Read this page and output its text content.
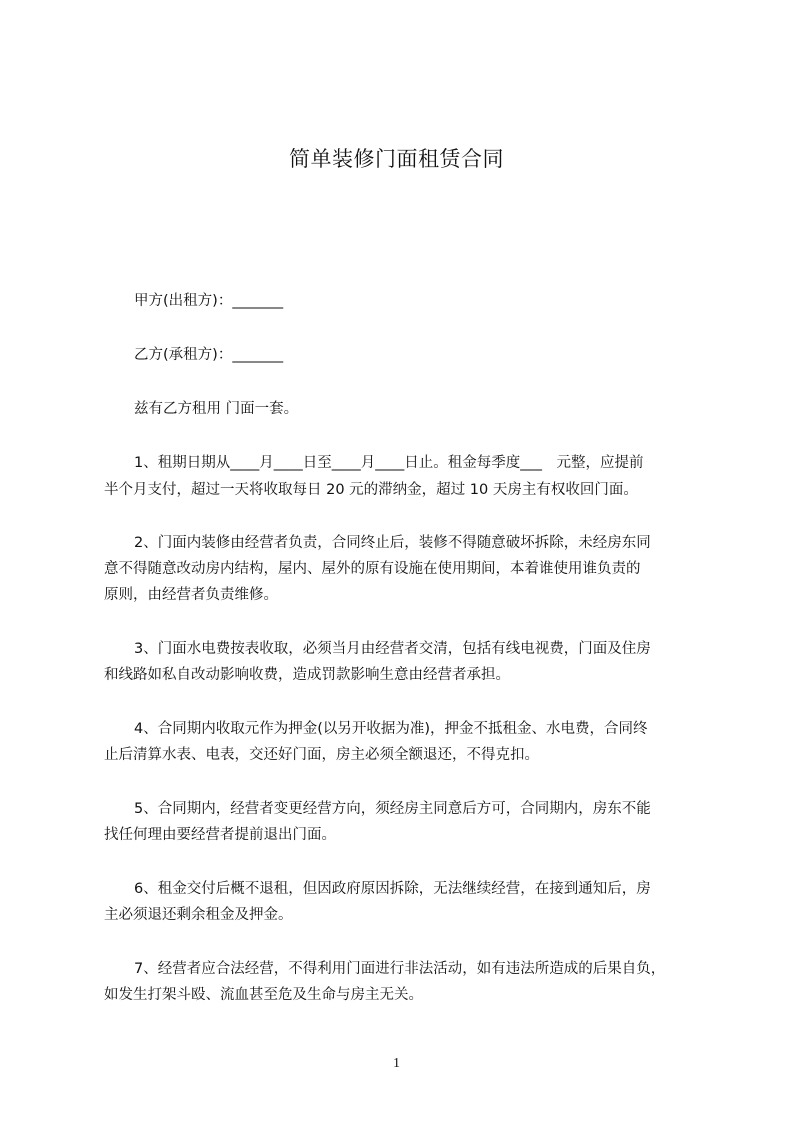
简单装修门面租赁合同
甲方(出租方)：_______
乙方(承租方)：_______
兹有乙方租用 门面一套。
1、租期日期从____月____日至____月____日止。租金每季度___　元整，应提前
半个月支付，超过一天将收取每日 20 元的滞纳金，超过 10 天房主有权收回门面。
2、门面内装修由经营者负责，合同终止后，装修不得随意破坏拆除，未经房东同
意不得随意改动房内结构，屋内、屋外的原有设施在使用期间，本着谁使用谁负责的
原则，由经营者负责维修。
3、门面水电费按表收取，必须当月由经营者交清，包括有线电视费，门面及住房
和线路如私自改动影响收费，造成罚款影响生意由经营者承担。
4、合同期内收取元作为押金(以另开收据为准)，押金不抵租金、水电费，合同终
止后清算水表、电表，交还好门面，房主必须全额退还，不得克扣。
5、合同期内，经营者变更经营方向，须经房主同意后方可，合同期内，房东不能
找任何理由要经营者提前退出门面。
6、租金交付后概不退租，但因政府原因拆除，无法继续经营，在接到通知后，房
主必须退还剩余租金及押金。
7、经营者应合法经营，不得利用门面进行非法活动，如有违法所造成的后果自负，
如发生打架斗殴、流血甚至危及生命与房主无关。
1
